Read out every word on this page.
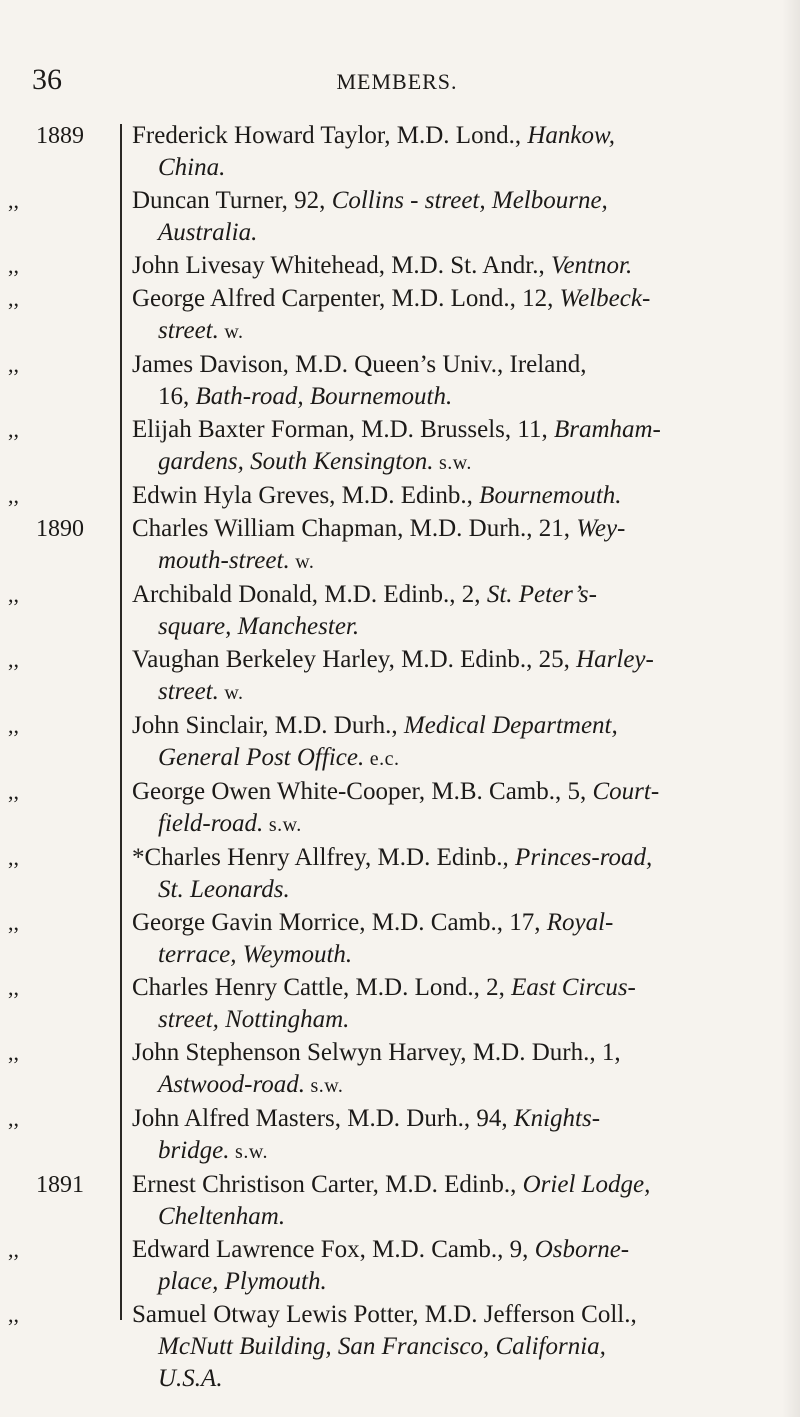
36	MEMBERS.
1889	Frederick Howard Taylor, M.D. Lond., Hankow,
China.
,,	Duncan Turner, 92, Collins - street, Melbourne,
Australia.
,,	John Livesay Whitehead, M.D. St. Andr., Ventnor.
,,	George Alfred Carpenter, M.D. Lond., 12, Welbeck-
street. w.
,,	James Davison, M.D. Queen’s Univ., Ireland,
16, Bath-road, Bournemouth.
,,	Elijah Baxter Forman, M.D. Brussels, 11, Bramham-
gardens, South Kensington. s.w.
,,	Edwin Hyla Greves, M.D. Edinb., Bournemouth.
1890	Charles William Chapman, M.D. Durh., 21, Wey-
mouth-street. w.
,,	Archibald Donald, M.D. Edinb., 2, St. Peter’s-
square, Manchester.
,,	Vaughan Berkeley Harley, M.D. Edinb., 25, Harley-
street. w.
,,	John Sinclair, M.D. Durh., Medical Department,
General Post Office. e.c.
,,	George Owen White-Cooper, M.B. Camb., 5, Court-
field-road. s.w.
,,	*Charles Henry Allfrey, M.D. Edinb., Princes-road,
St. Leonards.
,,	George Gavin Morrice, M.D. Camb., 17, Royal-
terrace, Weymouth.
,,	Charles Henry Cattle, M.D. Lond., 2, East Circus-
street, Nottingham.
,,	John Stephenson Selwyn Harvey, M.D. Durh., 1,
Astwood-road. s.w.
,,	John Alfred Masters, M.D. Durh., 94, Knights-
bridge. s.w.
1891	Ernest Christison Carter, M.D. Edinb., Oriel Lodge,
Cheltenham.
,,	Edward Lawrence Fox, M.D. Camb., 9, Osborne-
place, Plymouth.
,,	Samuel Otway Lewis Potter, M.D. Jefferson Coll.,
McNutt Building, San Francisco, California,
U.S.A.
